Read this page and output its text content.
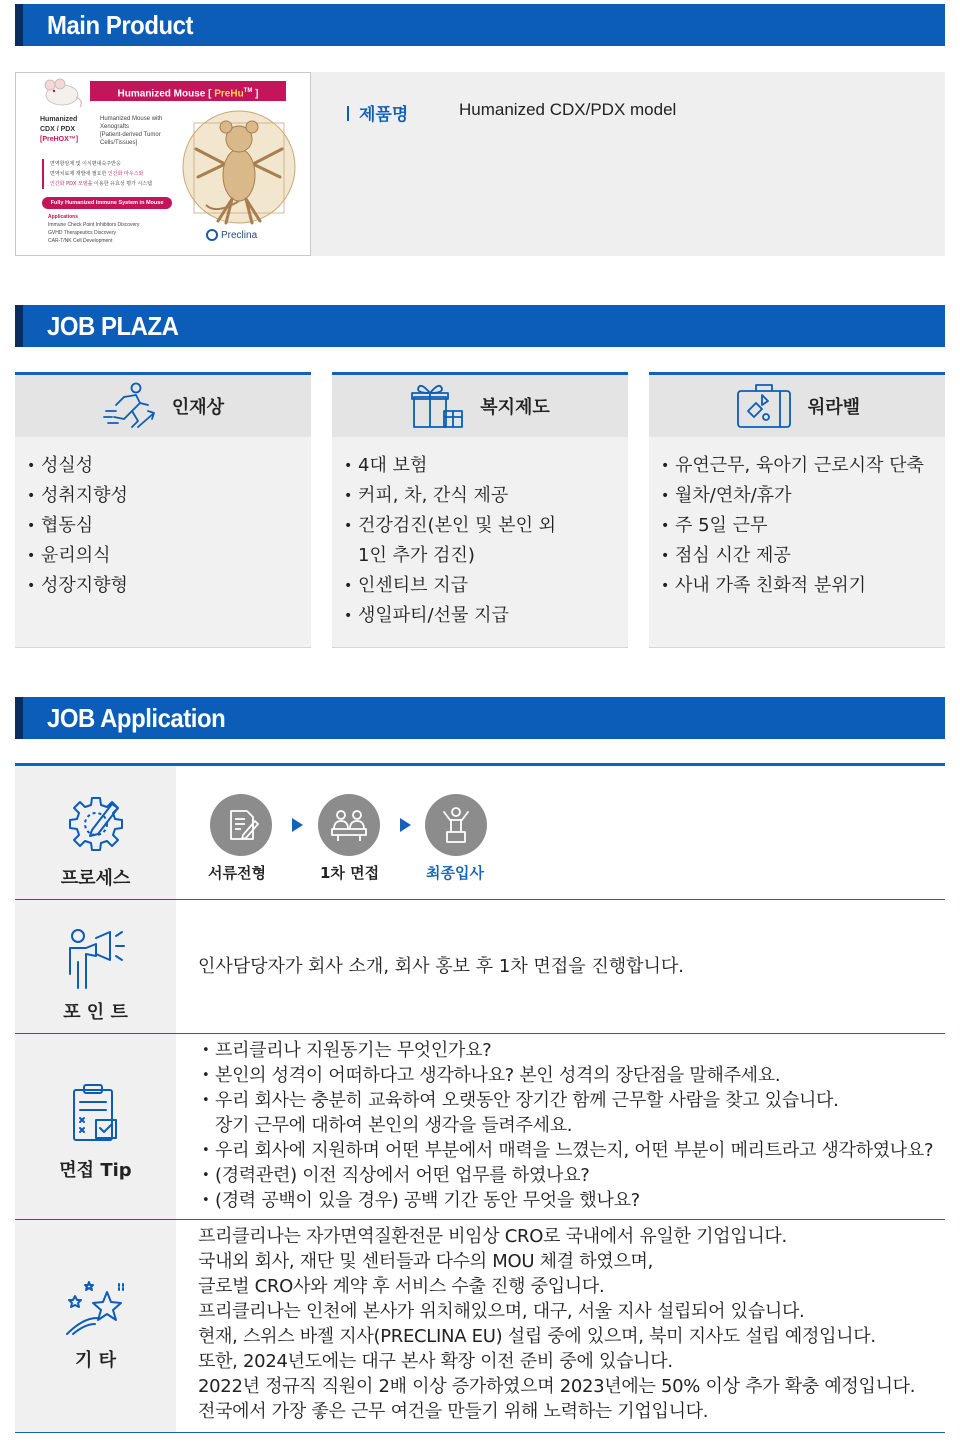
Main Product
Humanized Mouse [ PreHu™ ]
Humanized
CDX / PDX
[PreHOX™]
Humanized Mouse with
Xenografts
[Patient-derived Tumor
Cells/Tissues]
면역항암제 및 이식편대숙주반응
면역치료제 개발에 필요한 인간화 마우스와
인간화 PDX 모델을 이용한 유효성 평가 시스템
Fully Humanized Immune System in Mouse
Applications
Immune Check Point Inhibitors Discovery
GVHD Therapeutics Discovery
CAR-T/NK Cell Development
Preclina
제품명	Humanized CDX/PDX model
JOB PLAZA
인재상
• 성실성
• 성취지향성
• 협동심
• 윤리의식
• 성장지향형
복지제도
• 4대 보험
• 커피, 차, 간식 제공
• 건강검진(본인 및 본인 외
1인 추가 검진)
• 인센티브 지급
• 생일파티/선물 지급
워라밸
• 유연근무, 육아기 근로시작 단축
• 월차/연차/휴가
• 주 5일 근무
• 점심 시간 제공
• 사내 가족 친화적 분위기
JOB Application
프로세스	서류전형	1차 면접	최종입사
포 인 트
인사담당자가 회사 소개, 회사 홍보 후 1차 면접을 진행합니다.
면접 Tip
• 프리클리나 지원동기는 무엇인가요?
• 본인의 성격이 어떠하다고 생각하나요? 본인 성격의 장단점을 말해주세요.
• 우리 회사는 충분히 교육하여 오랫동안 장기간 함께 근무할 사람을 찾고 있습니다.
장기 근무에 대하여 본인의 생각을 들려주세요.
• 우리 회사에 지원하며 어떤 부분에서 매력을 느꼈는지, 어떤 부분이 메리트라고 생각하였나요?
• (경력관련) 이전 직상에서 어떤 업무를 하였나요?
• (경력 공백이 있을 경우) 공백 기간 동안 무엇을 했나요?
기 타
프리클리나는 자가면역질환전문 비임상 CRO로 국내에서 유일한 기업입니다.
국내외 회사, 재단 및 센터들과 다수의 MOU 체결 하였으며,
글로벌 CRO사와 계약 후 서비스 수출 진행 중입니다.
프리클리나는 인천에 본사가 위치해있으며, 대구, 서울 지사 설립되어 있습니다.
현재, 스위스 바젤 지사(PRECLINA EU) 설립 중에 있으며, 북미 지사도 설립 예정입니다.
또한, 2024년도에는 대구 본사 확장 이전 준비 중에 있습니다.
2022년 정규직 직원이 2배 이상 증가하였으며 2023년에는 50% 이상 추가 확충 예정입니다.
전국에서 가장 좋은 근무 여건을 만들기 위해 노력하는 기업입니다.
